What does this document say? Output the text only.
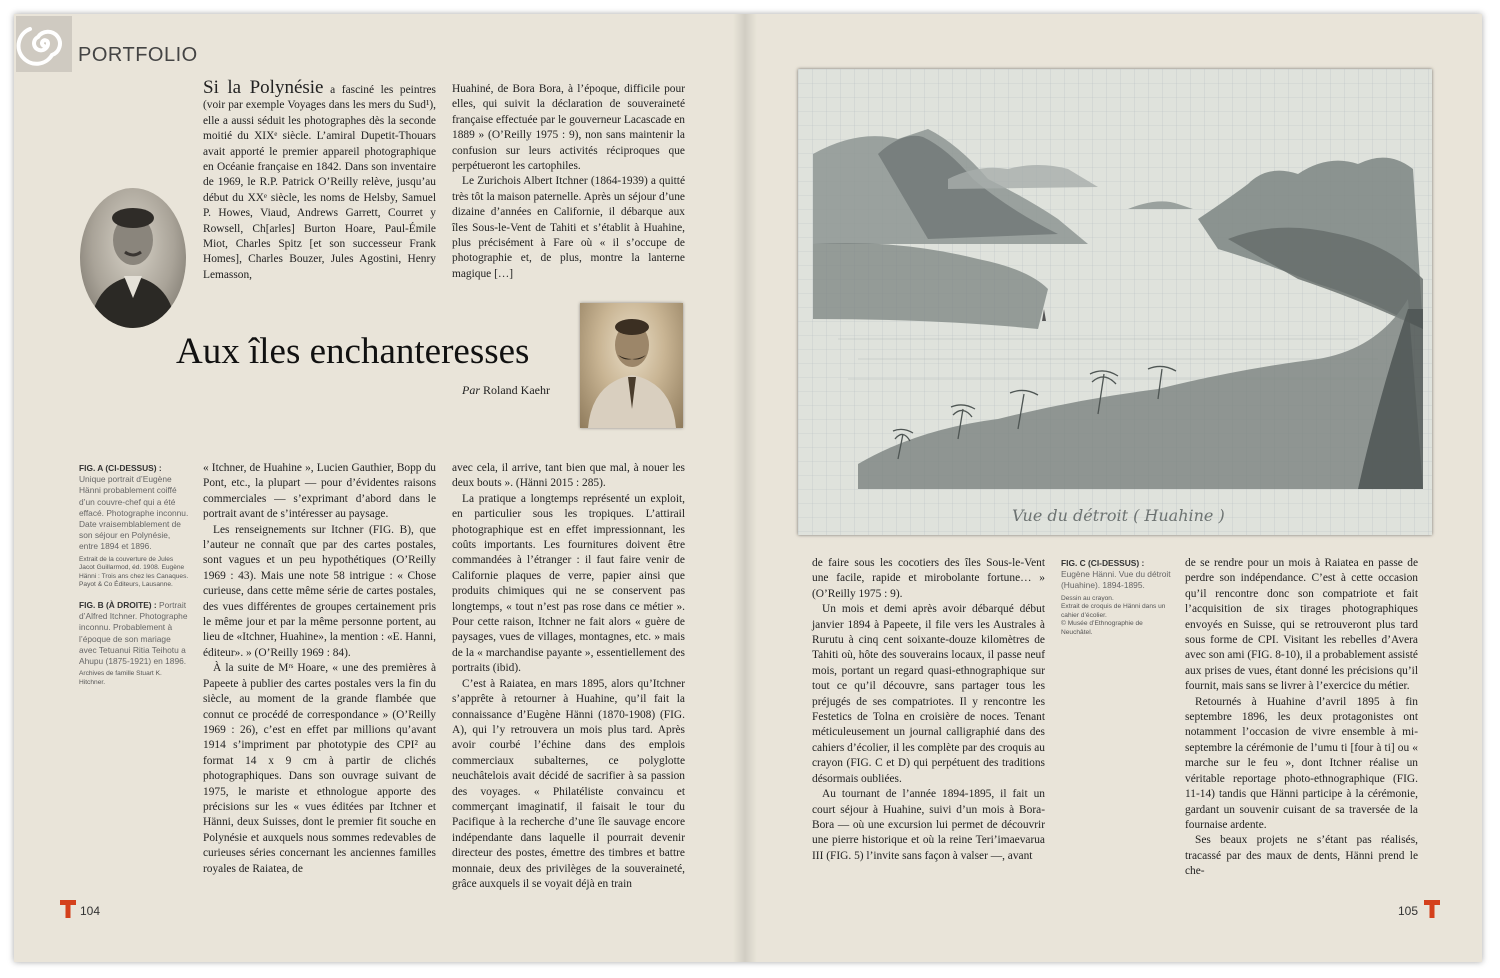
PORTFOLIO

Si la Polynésie a fasciné les peintres (voir par exemple Voyages dans les mers du Sud¹), elle a aussi séduit les photographes dès la seconde moitié du XIXᵉ siècle. L’amiral Dupetit-Thouars avait apporté le premier appareil photographique en Océanie française en 1842. Dans son inventaire de 1969, le R.P. Patrick O’Reilly relève, jusqu’au début du XXᵉ siècle, les noms de Helsby, Samuel P. Howes, Viaud, Andrews Garrett, Courret y Rowsell, Ch[arles] Burton Hoare, Paul-Émile Miot, Charles Spitz [et son successeur Frank Homes], Charles Bouzer, Jules Agostini, Henry Lemasson,

Huahiné, de Bora Bora, à l’époque, difficile pour elles, qui suivit la déclaration de souveraineté française effectuée par le gouverneur Lacascade en 1889 » (O’Reilly 1975 : 9), non sans maintenir la confusion sur leurs activités réciproques que perpétueront les cartophiles.

Le Zurichois Albert Itchner (1864-1939) a quitté très tôt la maison paternelle. Après un séjour d’une dizaine d’années en Californie, il débarque aux îles Sous-le-Vent de Tahiti et s’établit à Huahine, plus précisément à Fare où « il s’occupe de photographie et, de plus, montre la lanterne magique […]

Aux îles enchanteresses
Par Roland Kaehr
FIG. A (CI-DESSUS) : Unique portrait d’Eugène Hänni probablement coiffé d’un couvre-chef qui a été effacé. Photographe inconnu. Date vraisemblablement de son séjour en Polynésie, entre 1894 et 1896.
Extrait de la couverture de Jules Jacot Guillarmod, éd. 1908. Eugène Hänni : Trois ans chez les Canaques. Payot & Co Éditeurs, Lausanne.
FIG. B (À DROITE) : Portrait d’Alfred Itchner. Photographe inconnu. Probablement à l’époque de son mariage avec Tetuanui Ritia Teihotu a Ahupu (1875-1921) en 1896.
Archives de famille Stuart K. Hitchner.

« Itchner, de Huahine », Lucien Gauthier, Bopp du Pont, etc., la plupart — pour d’évidentes raisons commerciales — s’exprimant d’abord dans le portrait avant de s’intéresser au paysage.

Les renseignements sur Itchner (FIG. B), que l’auteur ne connaît que par des cartes postales, sont vagues et un peu hypothétiques (O’Reilly 1969 : 43). Mais une note 58 intrigue : « Chose curieuse, dans cette même série de cartes postales, des vues différentes de groupes certainement pris le même jour et par la même personne portent, au lieu de «Itchner, Huahine», la mention : «E. Hanni, éditeur». » (O’Reilly 1969 : 84).

À la suite de Mʳˢ Hoare, « une des premières à Papeete à publier des cartes postales vers la fin du siècle, au moment de la grande flambée que connut ce procédé de correspondance » (O’Reilly 1969 : 26), c’est en effet par millions qu’avant 1914 s’impriment par phototypie des CPI² au format 14 x 9 cm à partir de clichés photographiques. Dans son ouvrage suivant de 1975, le mariste et ethnologue apporte des précisions sur les « vues éditées par Itchner et Hänni, deux Suisses, dont le premier fit souche en Polynésie et auxquels nous sommes redevables de curieuses séries concernant les anciennes familles royales de Raiatea, de

avec cela, il arrive, tant bien que mal, à nouer les deux bouts ». (Hänni 2015 : 285).

La pratique a longtemps représenté un exploit, en particulier sous les tropiques. L’attirail photographique est en effet impressionnant, les coûts importants. Les fournitures doivent être commandées à l’étranger : il faut faire venir de Californie plaques de verre, papier ainsi que produits chimiques qui ne se conservent pas longtemps, « tout n’est pas rose dans ce métier ». Pour cette raison, Itchner ne fait alors « guère de paysages, vues de villages, montagnes, etc. » mais de la « marchandise payante », essentiellement des portraits (ibid).

C’est à Raiatea, en mars 1895, alors qu’Itchner s’apprête à retourner à Huahine, qu’il fait la connaissance d’Eugène Hänni (1870-1908) (FIG. A), qui l’y retrouvera un mois plus tard. Après avoir courbé l’échine dans des emplois commerciaux subalternes, ce polyglotte neuchâtelois avait décidé de sacrifier à sa passion des voyages. « Philatéliste convaincu et commerçant imaginatif, il faisait le tour du Pacifique à la recherche d’une île sauvage encore indépendante dans laquelle il pourrait devenir directeur des postes, émettre des timbres et battre monnaie, deux des privilèges de la souveraineté, grâce auxquels il se voyait déjà en train

Vue du détroit ( Huahine )

de faire sous les cocotiers des îles Sous-le-Vent une facile, rapide et mirobolante fortune… » (O’Reilly 1975 : 9).

Un mois et demi après avoir débarqué début janvier 1894 à Papeete, il file vers les Australes à Rurutu à cinq cent soixante-douze kilomètres de Tahiti où, hôte des souverains locaux, il passe neuf mois, portant un regard quasi-ethnographique sur tout ce qu’il découvre, sans partager tous les préjugés de ses compatriotes. Il y rencontre les Festetics de Tolna en croisière de noces. Tenant méticuleusement un journal calligraphié dans des cahiers d’écolier, il les complète par des croquis au crayon (FIG. C et D) qui perpétuent des traditions désormais oubliées.

Au tournant de l’année 1894-1895, il fait un court séjour à Huahine, suivi d’un mois à Bora-Bora — où une excursion lui permet de découvrir une pierre historique et où la reine Teri’imaevarua III (FIG. 5) l’invite sans façon à valser —, avant

FIG. C (CI-DESSUS) : Eugène Hänni. Vue du détroit (Huahine). 1894-1895.
Dessin au crayon.
Extrait de croquis de Hänni dans un cahier d’écolier.
© Musée d’Ethnographie de Neuchâtel.

de se rendre pour un mois à Raiatea en passe de perdre son indépendance. C’est à cette occasion qu’il rencontre donc son compatriote et fait l’acquisition de six tirages photographiques envoyés en Suisse, qui se retrouveront plus tard sous forme de CPI. Visitant les rebelles d’Avera avec son ami (FIG. 8-10), il a probablement assisté aux prises de vues, étant donné les précisions qu’il fournit, mais sans se livrer à l’exercice du métier.

Retournés à Huahine d’avril 1895 à fin septembre 1896, les deux protagonistes ont notamment l’occasion de vivre ensemble à mi-septembre la cérémonie de l’umu ti [four à ti] ou « marche sur le feu », dont Itchner réalise un véritable reportage photo-ethnographique (FIG. 11-14) tandis que Hänni participe à la cérémonie, gardant un souvenir cuisant de sa traversée de la fournaise ardente.

Ses beaux projets ne s’étant pas réalisés, tracassé par des maux de dents, Hänni prend le che-

104	105
